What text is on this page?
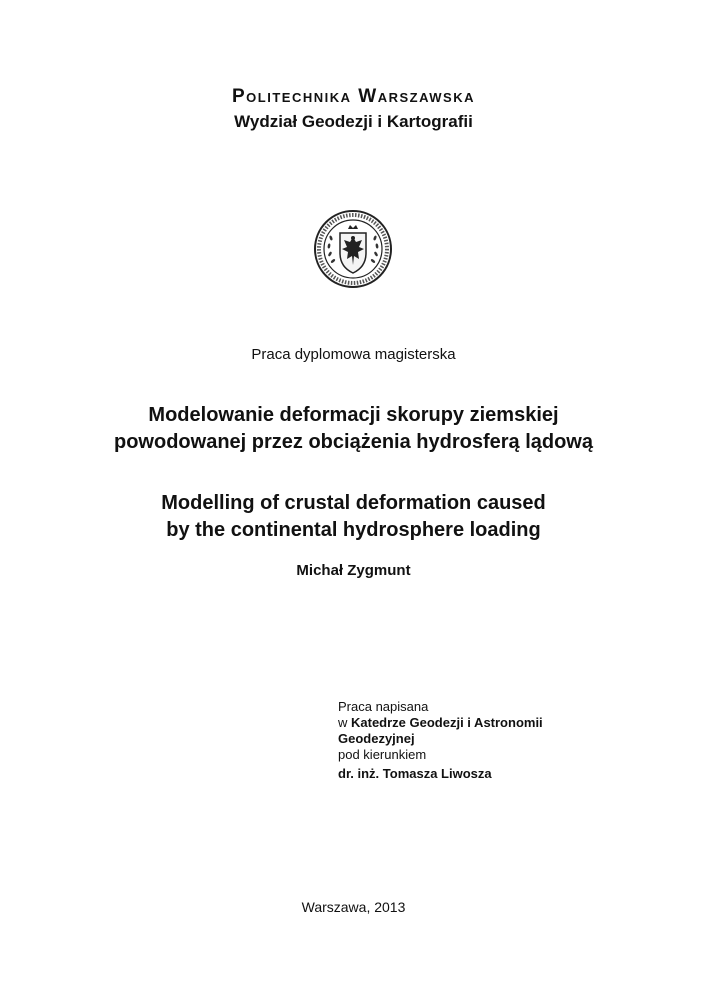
Politechnika Warszawska
Wydział Geodezji i Kartografii
Praca dyplomowa magisterska
Modelowanie deformacji skorupy ziemskiej
powodowanej przez obciążenia hydrosferą lądową
Modelling of crustal deformation caused
by the continental hydrosphere loading
Michał Zygmunt
Praca napisana
w Katedrze Geodezji i Astronomii
Geodezyjnej
pod kierunkiem
dr. inż. Tomasza Liwosza
Warszawa, 2013
